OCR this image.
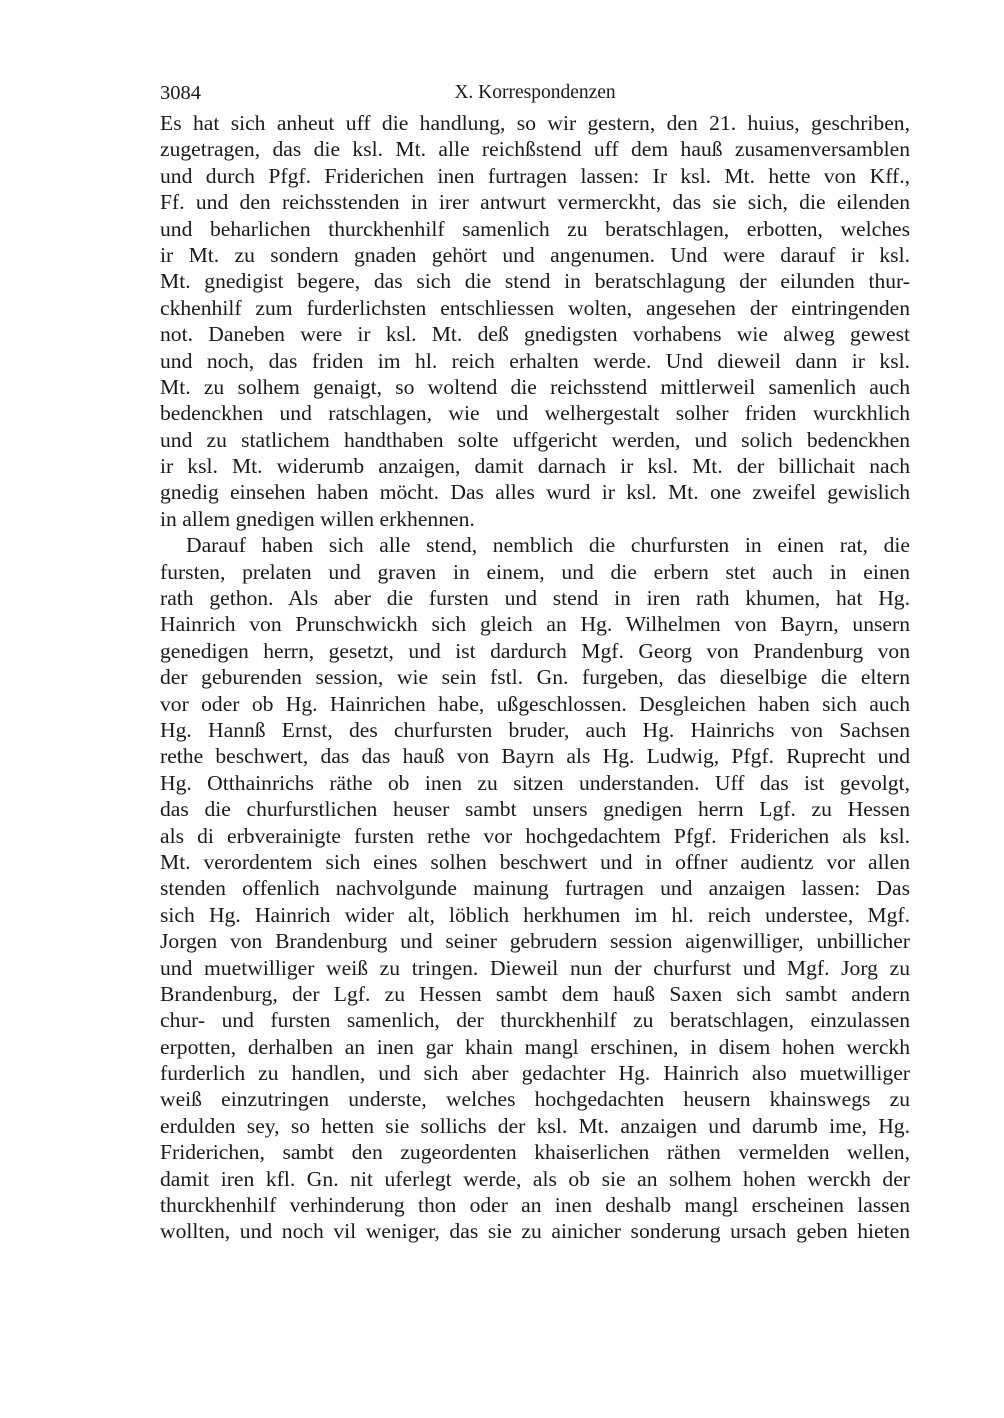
3084	X. Korrespondenzen
Es hat sich anheut uff die handlung, so wir gestern, den 21. huius, geschriben,
zugetragen, das die ksl. Mt. alle reichßstend uff dem hauß zusamenversamblen
und durch Pfgf. Friderichen inen furtragen lassen: Ir ksl. Mt. hette von Kff.,
Ff. und den reichsstenden in irer antwurt vermerckht, das sie sich, die eilenden
und beharlichen thurckhenhilf samenlich zu beratschlagen, erbotten, welches
ir Mt. zu sondern gnaden gehört und angenumen. Und were darauf ir ksl.
Mt. gnedigist begere, das sich die stend in beratschlagung der eilunden thur-
ckhenhilf zum furderlichsten entschliessen wolten, angesehen der eintringenden
not. Daneben were ir ksl. Mt. deß gnedigsten vorhabens wie alweg gewest
und noch, das friden im hl. reich erhalten werde. Und dieweil dann ir ksl.
Mt. zu solhem genaigt, so woltend die reichsstend mittlerweil samenlich auch
bedenckhen und ratschlagen, wie und welhergestalt solher friden wurckhlich
und zu statlichem handthaben solte uffgericht werden, und solich bedenckhen
ir ksl. Mt. widerumb anzaigen, damit darnach ir ksl. Mt. der billichait nach
gnedig einsehen haben möcht. Das alles wurd ir ksl. Mt. one zweifel gewislich
in allem gnedigen willen erkhennen.
Darauf haben sich alle stend, nemblich die churfursten in einen rat, die
fursten, prelaten und graven in einem, und die erbern stet auch in einen
rath gethon. Als aber die fursten und stend in iren rath khumen, hat Hg.
Hainrich von Prunschwickh sich gleich an Hg. Wilhelmen von Bayrn, unsern
genedigen herrn, gesetzt, und ist dardurch Mgf. Georg von Prandenburg von
der geburenden session, wie sein fstl. Gn. furgeben, das dieselbige die eltern
vor oder ob Hg. Hainrichen habe, ußgeschlossen. Desgleichen haben sich auch
Hg. Hannß Ernst, des churfursten bruder, auch Hg. Hainrichs von Sachsen
rethe beschwert, das das hauß von Bayrn als Hg. Ludwig, Pfgf. Ruprecht und
Hg. Otthainrichs räthe ob inen zu sitzen understanden. Uff das ist gevolgt,
das die churfurstlichen heuser sambt unsers gnedigen herrn Lgf. zu Hessen
als di erbverainigte fursten rethe vor hochgedachtem Pfgf. Friderichen als ksl.
Mt. verordentem sich eines solhen beschwert und in offner audientz vor allen
stenden offenlich nachvolgunde mainung furtragen und anzaigen lassen: Das
sich Hg. Hainrich wider alt, löblich herkhumen im hl. reich understee, Mgf.
Jorgen von Brandenburg und seiner gebrudern session aigenwilliger, unbillicher
und muetwilliger weiß zu tringen. Dieweil nun der churfurst und Mgf. Jorg zu
Brandenburg, der Lgf. zu Hessen sambt dem hauß Saxen sich sambt andern
chur- und fursten samenlich, der thurckhenhilf zu beratschlagen, einzulassen
erpotten, derhalben an inen gar khain mangl erschinen, in disem hohen werckh
furderlich zu handlen, und sich aber gedachter Hg. Hainrich also muetwilliger
weiß einzutringen underste, welches hochgedachten heusern khainswegs zu
erdulden sey, so hetten sie sollichs der ksl. Mt. anzaigen und darumb ime, Hg.
Friderichen, sambt den zugeordenten khaiserlichen räthen vermelden wellen,
damit iren kfl. Gn. nit uferlegt werde, als ob sie an solhem hohen werckh der
thurckhenhilf verhinderung thon oder an inen deshalb mangl erscheinen lassen
wollten, und noch vil weniger, das sie zu ainicher sonderung ursach geben hieten
